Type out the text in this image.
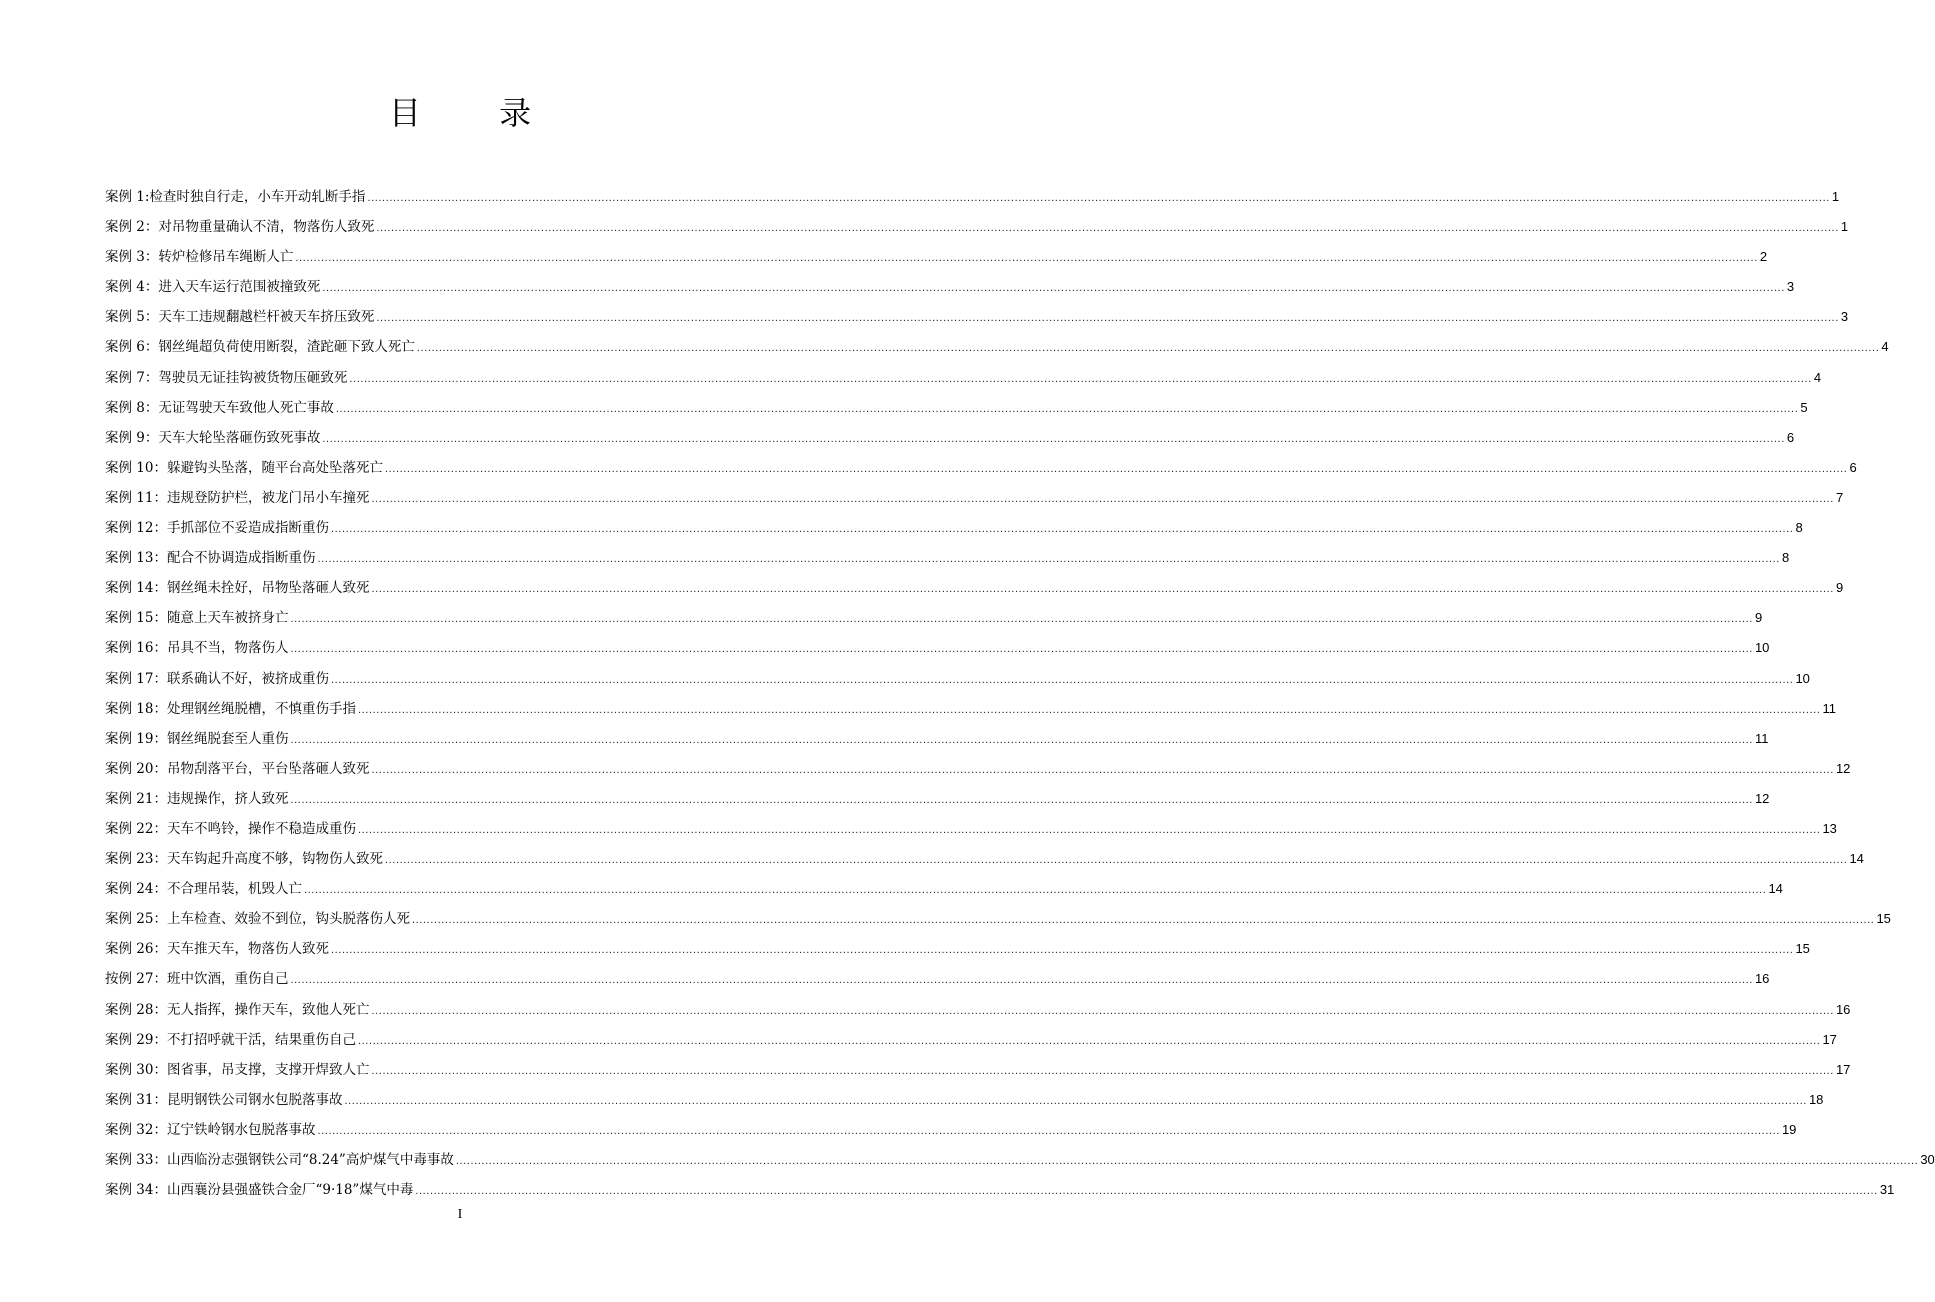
目 录
案例 1:检查时独自行走，小车开动轧断手指 ................................................................................................................................................................................................................................................................................................................................................................................................................ 1
案例 2：对吊物重量确认不清，物落伤人致死 ................................................................................................................................................................................................................................................................................................................................................................................................................ 1
案例 3：转炉检修吊车绳断人亡 ................................................................................................................................................................................................................................................................................................................................................................................................................ 2
案例 4：进入天车运行范围被撞致死 ................................................................................................................................................................................................................................................................................................................................................................................................................ 3
案例 5：天车工违规翻越栏杆被天车挤压致死 ................................................................................................................................................................................................................................................................................................................................................................................................................ 3
案例 6：钢丝绳超负荷使用断裂，渣跎砸下致人死亡 ................................................................................................................................................................................................................................................................................................................................................................................................................ 4
案例 7：驾驶员无证挂钩被货物压砸致死 ................................................................................................................................................................................................................................................................................................................................................................................................................ 4
案例 8：无证驾驶天车致他人死亡事故 ................................................................................................................................................................................................................................................................................................................................................................................................................ 5
案例 9：天车大轮坠落砸伤致死事故 ................................................................................................................................................................................................................................................................................................................................................................................................................ 6
案例 10：躲避钩头坠落，随平台高处坠落死亡 ................................................................................................................................................................................................................................................................................................................................................................................................................ 6
案例 11：违规登防护栏，被龙门吊小车撞死 ................................................................................................................................................................................................................................................................................................................................................................................................................ 7
案例 12：手抓部位不妥造成指断重伤 ................................................................................................................................................................................................................................................................................................................................................................................................................ 8
案例 13：配合不协调造成指断重伤 ................................................................................................................................................................................................................................................................................................................................................................................................................ 8
案例 14：钢丝绳未拴好，吊物坠落砸人致死 ................................................................................................................................................................................................................................................................................................................................................................................................................ 9
案例 15：随意上天车被挤身亡 ................................................................................................................................................................................................................................................................................................................................................................................................................ 9
案例 16：吊具不当，物落伤人 ................................................................................................................................................................................................................................................................................................................................................................................................................ 10
案例 17：联系确认不好，被挤成重伤 ................................................................................................................................................................................................................................................................................................................................................................................................................ 10
案例 18：处理钢丝绳脱槽，不慎重伤手指 ................................................................................................................................................................................................................................................................................................................................................................................................................ 11
案例 19：钢丝绳脱套至人重伤 ................................................................................................................................................................................................................................................................................................................................................................................................................ 11
案例 20：吊物刮落平台，平台坠落砸人致死 ................................................................................................................................................................................................................................................................................................................................................................................................................ 12
案例 21：违规操作，挤人致死 ................................................................................................................................................................................................................................................................................................................................................................................................................ 12
案例 22：天车不鸣铃，操作不稳造成重伤 ................................................................................................................................................................................................................................................................................................................................................................................................................ 13
案例 23：天车钩起升高度不够，钩物伤人致死 ................................................................................................................................................................................................................................................................................................................................................................................................................ 14
案例 24：不合理吊装，机毁人亡 ................................................................................................................................................................................................................................................................................................................................................................................................................ 14
案例 25：上车检查、效验不到位，钩头脱落伤人死 ................................................................................................................................................................................................................................................................................................................................................................................................................ 15
案例 26：天车推天车，物落伤人致死 ................................................................................................................................................................................................................................................................................................................................................................................................................ 15
按例 27：班中饮酒，重伤自己 ................................................................................................................................................................................................................................................................................................................................................................................................................ 16
案例 28：无人指挥，操作天车，致他人死亡 ................................................................................................................................................................................................................................................................................................................................................................................................................ 16
案例 29：不打招呼就干活，结果重伤自己 ................................................................................................................................................................................................................................................................................................................................................................................................................ 17
案例 30：图省事，吊支撑，支撑开焊致人亡 ................................................................................................................................................................................................................................................................................................................................................................................................................ 17
案例 31：昆明钢铁公司钢水包脱落事故 ................................................................................................................................................................................................................................................................................................................................................................................................................ 18
案例 32：辽宁铁岭钢水包脱落事故 ................................................................................................................................................................................................................................................................................................................................................................................................................ 19
案例 33：山西临汾志强钢铁公司“8.24”高炉煤气中毒事故 ................................................................................................................................................................................................................................................................................................................................................................................................................ 30
案例 34：山西襄汾县强盛铁合金厂“9·18”煤气中毒 ................................................................................................................................................................................................................................................................................................................................................................................................................ 31
I
